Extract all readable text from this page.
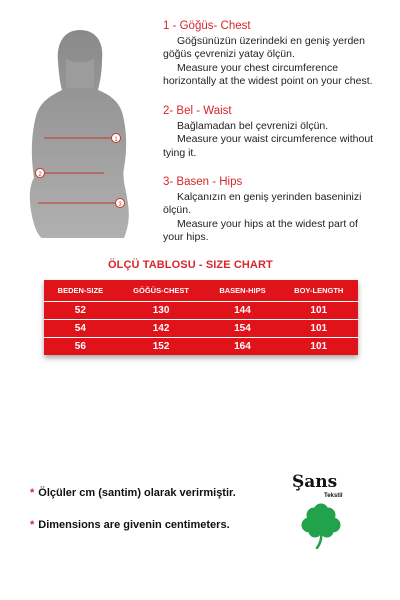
1
2
3
1 - Göğüs- Chest
Göğsünüzün üzerindeki en geniş yerden
göğüs çevrenizi yatay ölçün.
Measure your chest circumference
horizontally at the widest point on your chest.
2- Bel - Waist
Bağlamadan bel çevrenizi ölçün.
Measure your waist circumference without
tying it.
3- Basen - Hips
Kalçanızın en geniş yerinden baseninizi
ölçün.
Measure your hips at the widest part of
your hips.
ÖLÇÜ TABLOSU - SIZE CHART
BEDEN-SIZE	GÖĞÜS-CHEST	BASEN-HIPS	BOY-LENGTH
52	130	144	101
54	142	154	101
56	152	164	101
* Ölçüler cm (santim) olarak verirmiştir.
* Dimensions are givenin centimeters.
Şans
Tekstil
